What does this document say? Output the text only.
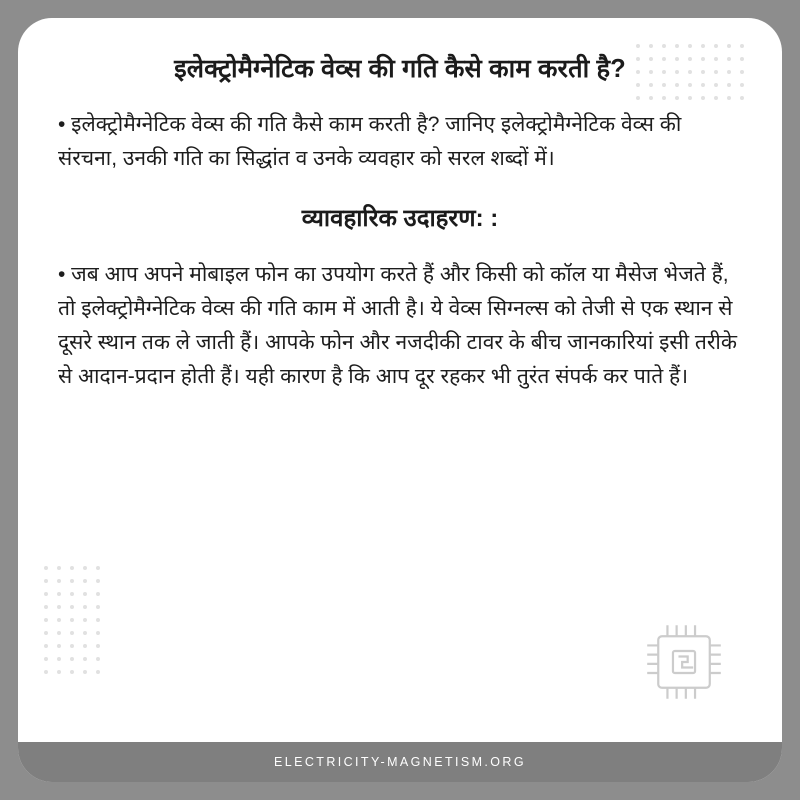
इलेक्ट्रोमैग्नेटिक वेव्स की गति कैसे काम करती है?

• इलेक्ट्रोमैग्नेटिक वेव्स की गति कैसे काम करती है? जानिए इलेक्ट्रोमैग्नेटिक वेव्स की संरचना, उनकी गति का सिद्धांत व उनके व्यवहार को सरल शब्दों में।

व्यावहारिक उदाहरण: :

• जब आप अपने मोबाइल फोन का उपयोग करते हैं और किसी को कॉल या मैसेज भेजते हैं, तो इलेक्ट्रोमैग्नेटिक वेव्स की गति काम में आती है। ये वेव्स सिग्नल्स को तेजी से एक स्थान से दूसरे स्थान तक ले जाती हैं। आपके फोन और नजदीकी टावर के बीच जानकारियां इसी तरीके से आदान-प्रदान होती हैं। यही कारण है कि आप दूर रहकर भी तुरंत संपर्क कर पाते हैं।

ELECTRICITY-MAGNETISM.ORG
